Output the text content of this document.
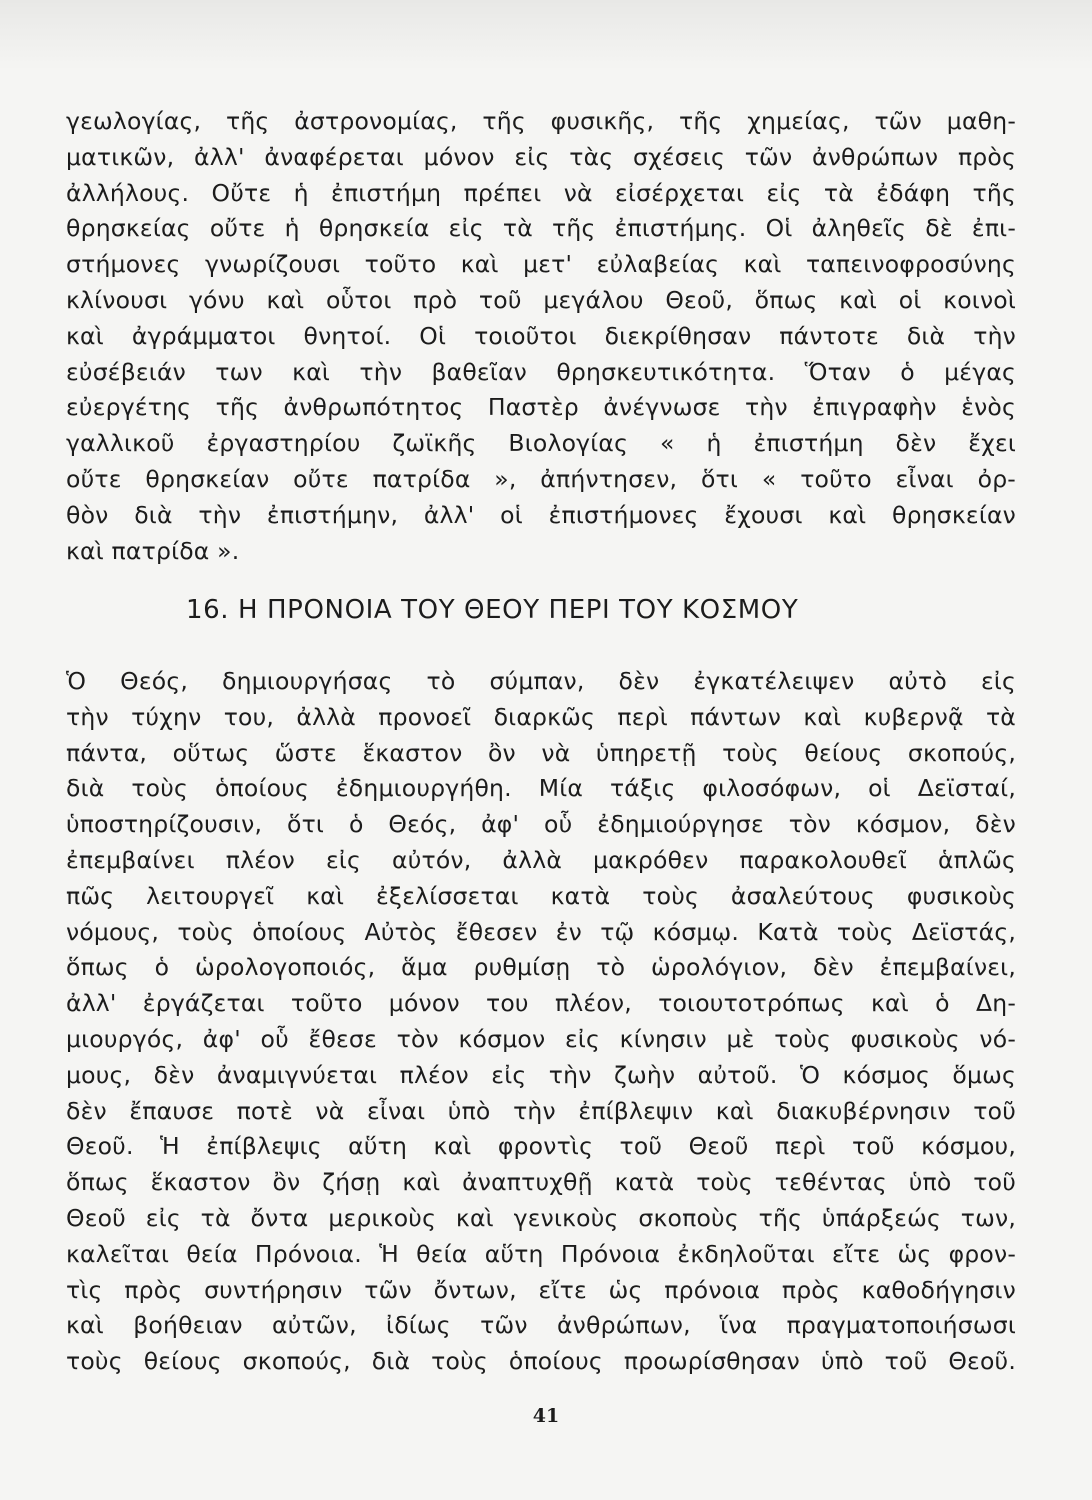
γεωλογίας, τῆς ἀστρονομίας, τῆς φυσικῆς, τῆς χημείας, τῶν μαθη-
ματικῶν, ἀλλ' ἀναφέρεται μόνον εἰς τὰς σχέσεις τῶν ἀνθρώπων πρὸς
ἀλλήλους. Οὔτε ἡ ἐπιστήμη πρέπει νὰ εἰσέρχεται εἰς τὰ ἐδάφη τῆς
θρησκείας οὔτε ἡ θρησκεία εἰς τὰ τῆς ἐπιστήμης. Οἱ ἀληθεῖς δὲ ἐπι-
στήμονες γνωρίζουσι τοῦτο καὶ μετ' εὐλαβείας καὶ ταπεινοφροσύνης
κλίνουσι γόνυ καὶ οὗτοι πρὸ τοῦ μεγάλου Θεοῦ, ὅπως καὶ οἱ κοινοὶ
καὶ ἀγράμματοι θνητοί. Οἱ τοιοῦτοι διεκρίθησαν πάντοτε διὰ τὴν
εὐσέβειάν των καὶ τὴν βαθεῖαν θρησκευτικότητα. Ὅταν ὁ μέγας
εὐεργέτης τῆς ἀνθρωπότητος Παστὲρ ἀνέγνωσε τὴν ἐπιγραφὴν ἑνὸς
γαλλικοῦ ἐργαστηρίου ζωϊκῆς Βιολογίας « ἡ ἐπιστήμη δὲν ἔχει
οὔτε θρησκείαν οὔτε πατρίδα », ἀπήντησεν, ὅτι « τοῦτο εἶναι ὀρ-
θὸν διὰ τὴν ἐπιστήμην, ἀλλ' οἱ ἐπιστήμονες ἔχουσι καὶ θρησκείαν
καὶ πατρίδα ».
16. Η ΠΡΟΝΟΙΑ ΤΟΥ ΘΕΟΥ ΠΕΡΙ ΤΟΥ ΚΟΣΜΟΥ
Ὁ Θεός, δημιουργήσας τὸ σύμπαν, δὲν ἐγκατέλειψεν αὐτὸ εἰς
τὴν τύχην του, ἀλλὰ προνοεῖ διαρκῶς περὶ πάντων καὶ κυβερνᾷ τὰ
πάντα, οὕτως ὥστε ἕκαστον ὂν νὰ ὑπηρετῇ τοὺς θείους σκοπούς,
διὰ τοὺς ὁποίους ἐδημιουργήθη. Μία τάξις φιλοσόφων, οἱ Δεϊσταί,
ὑποστηρίζουσιν, ὅτι ὁ Θεός, ἀφ' οὗ ἐδημιούργησε τὸν κόσμον, δὲν
ἐπεμβαίνει πλέον εἰς αὐτόν, ἀλλὰ μακρόθεν παρακολουθεῖ ἁπλῶς
πῶς λειτουργεῖ καὶ ἐξελίσσεται κατὰ τοὺς ἀσαλεύτους φυσικοὺς
νόμους, τοὺς ὁποίους Αὐτὸς ἔθεσεν ἐν τῷ κόσμῳ. Κατὰ τοὺς Δεϊστάς,
ὅπως ὁ ὡρολογοποιός, ἅμα ρυθμίσῃ τὸ ὡρολόγιον, δὲν ἐπεμβαίνει,
ἀλλ' ἐργάζεται τοῦτο μόνον του πλέον, τοιουτοτρόπως καὶ ὁ Δη-
μιουργός, ἀφ' οὗ ἔθεσε τὸν κόσμον εἰς κίνησιν μὲ τοὺς φυσικοὺς νό-
μους, δὲν ἀναμιγνύεται πλέον εἰς τὴν ζωὴν αὐτοῦ. Ὁ κόσμος ὅμως
δὲν ἔπαυσε ποτὲ νὰ εἶναι ὑπὸ τὴν ἐπίβλεψιν καὶ διακυβέρνησιν τοῦ
Θεοῦ. Ἡ ἐπίβλεψις αὕτη καὶ φροντὶς τοῦ Θεοῦ περὶ τοῦ κόσμου,
ὅπως ἕκαστον ὂν ζήσῃ καὶ ἀναπτυχθῇ κατὰ τοὺς τεθέντας ὑπὸ τοῦ
Θεοῦ εἰς τὰ ὄντα μερικοὺς καὶ γενικοὺς σκοποὺς τῆς ὑπάρξεώς των,
καλεῖται θεία Πρόνοια. Ἡ θεία αὕτη Πρόνοια ἐκδηλοῦται εἴτε ὡς φρον-
τὶς πρὸς συντήρησιν τῶν ὄντων, εἴτε ὡς πρόνοια πρὸς καθοδήγησιν
καὶ βοήθειαν αὐτῶν, ἰδίως τῶν ἀνθρώπων, ἵνα πραγματοποιήσωσι
τοὺς θείους σκοπούς, διὰ τοὺς ὁποίους προωρίσθησαν ὑπὸ τοῦ Θεοῦ.
41
